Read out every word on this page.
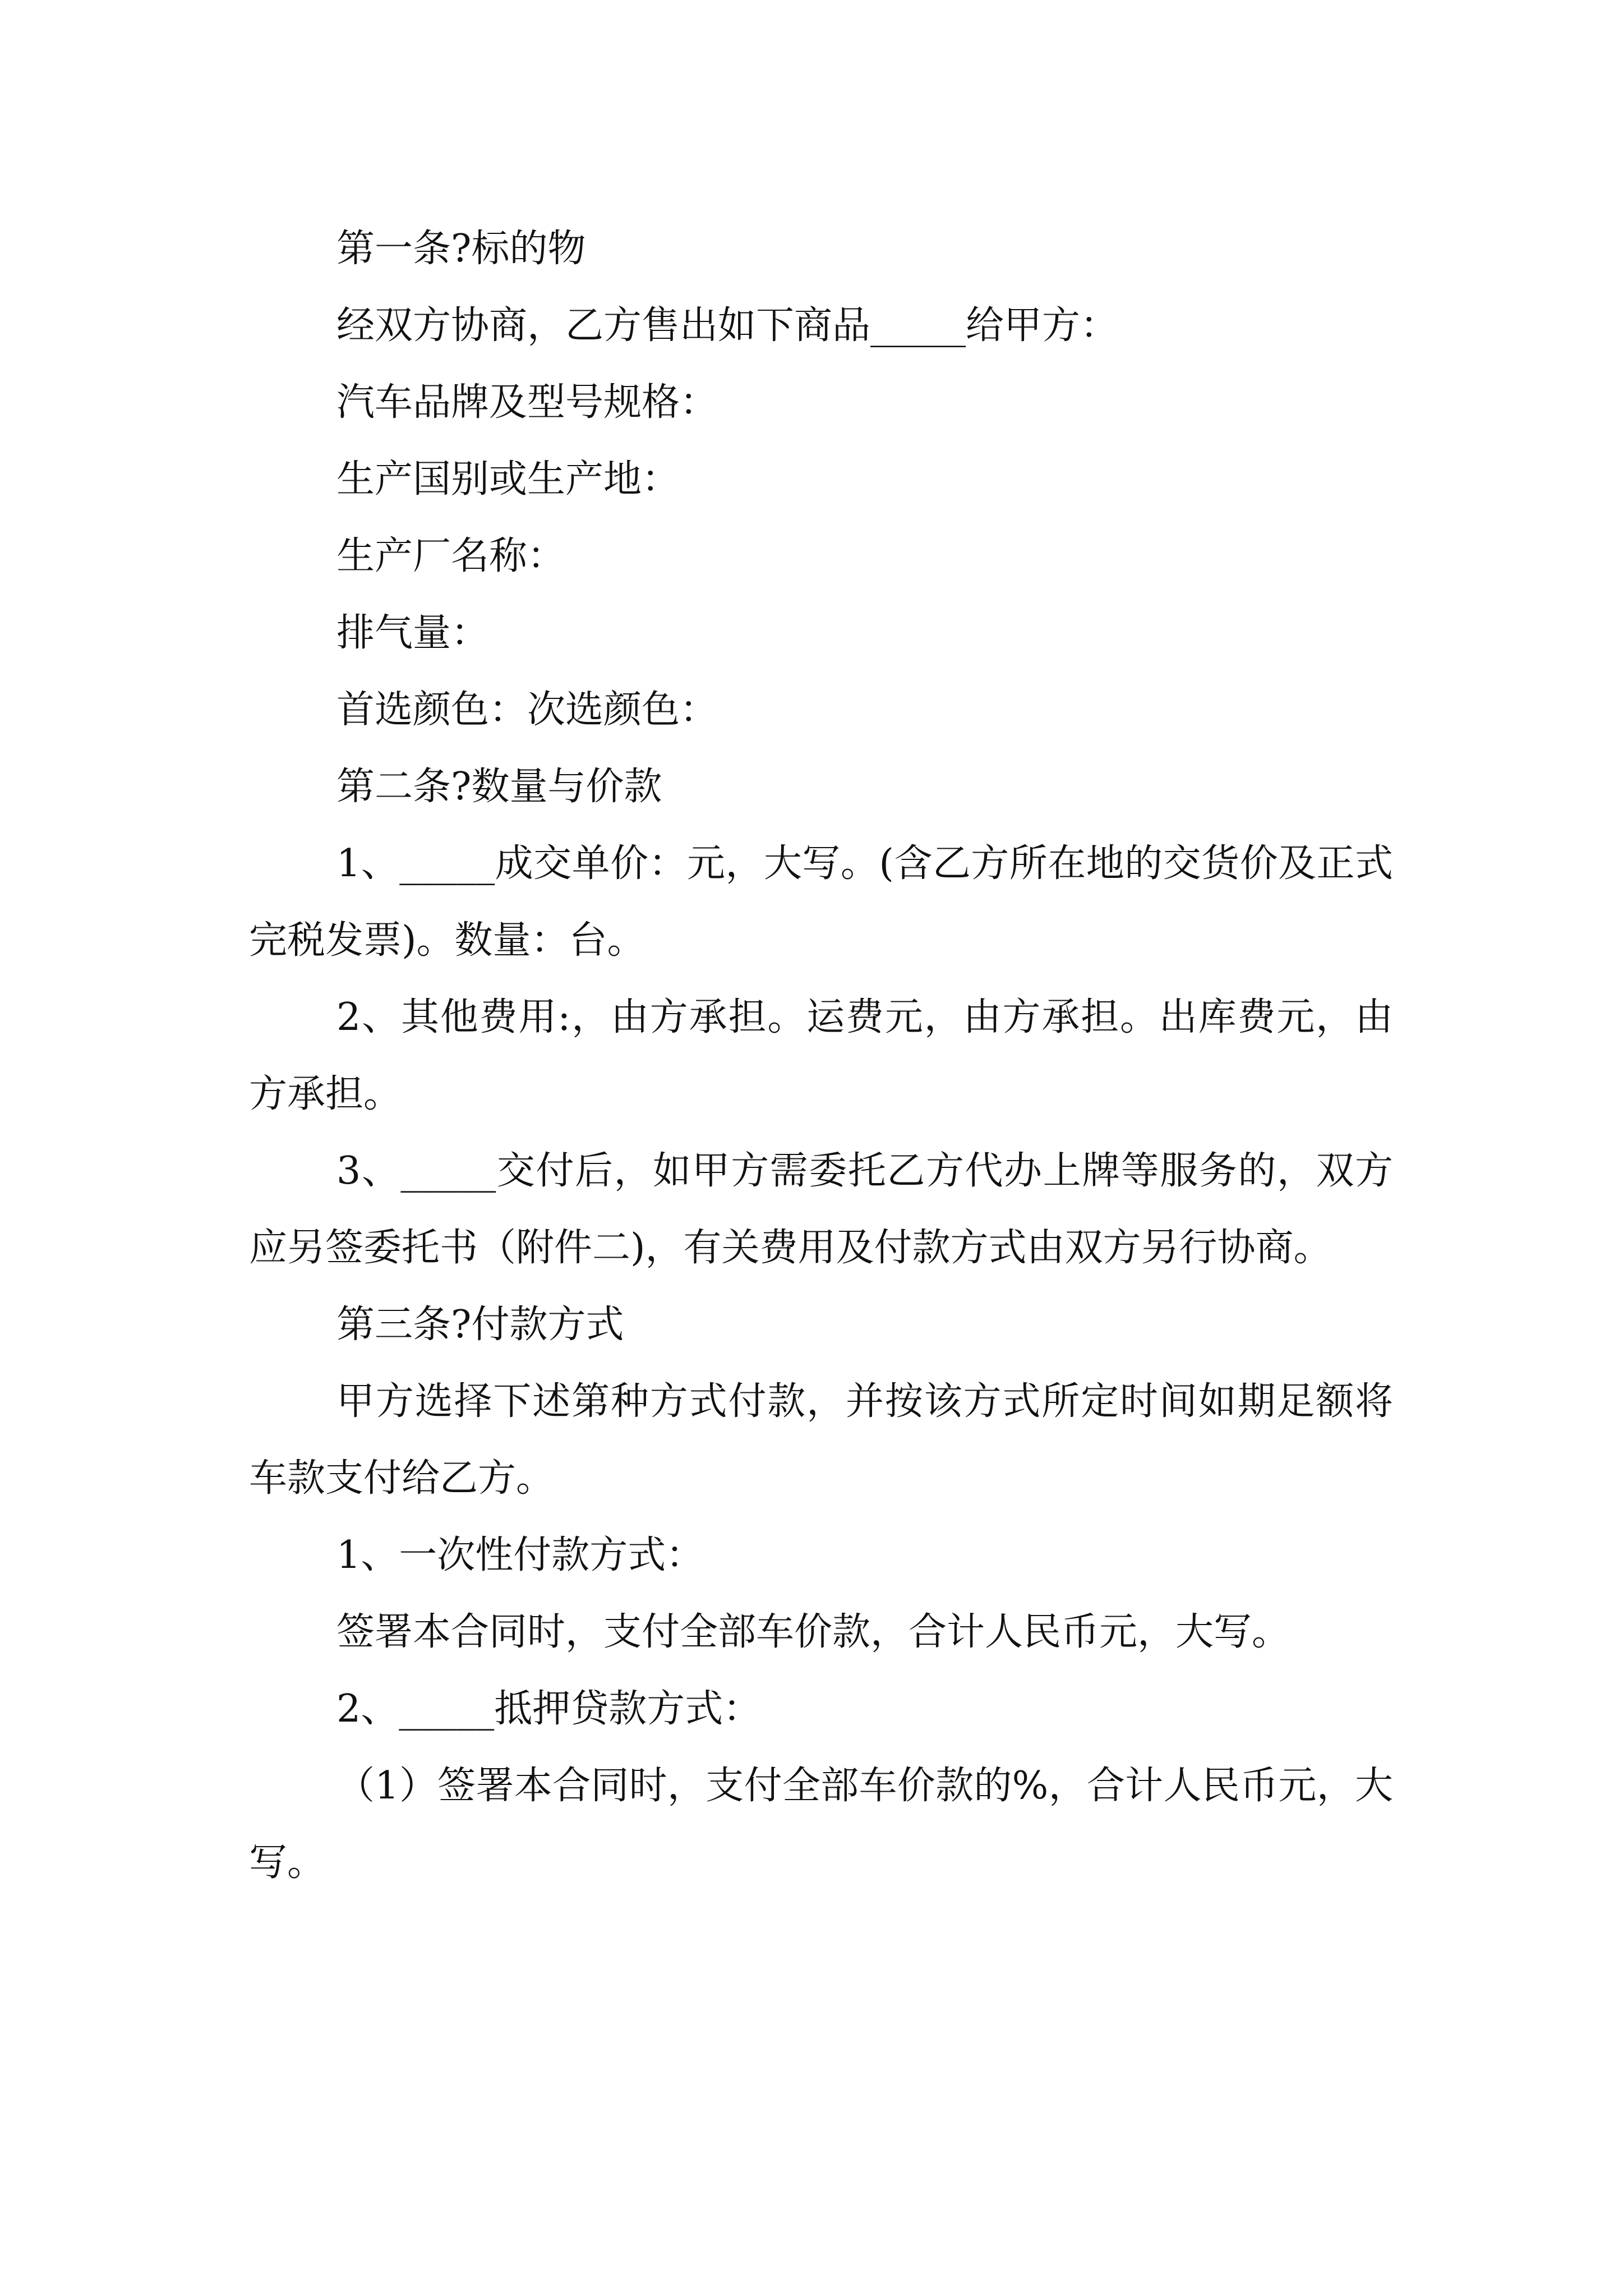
第一条?标的物

经双方协商，乙方售出如下商品_____给甲方：

汽车品牌及型号规格：

生产国别或生产地：

生产厂名称：

排气量：

首选颜色：次选颜色：

第二条?数量与价款

1、_____成交单价：元，大写。(含乙方所在地的交货价及正式完税发票)。数量：台。

2、其他费用:，由方承担。运费元，由方承担。出库费元，由方承担。

3、_____交付后，如甲方需委托乙方代办上牌等服务的，双方应另签委托书（附件二)，有关费用及付款方式由双方另行协商。

第三条?付款方式

甲方选择下述第种方式付款，并按该方式所定时间如期足额将车款支付给乙方。

1、一次性付款方式：

签署本合同时，支付全部车价款，合计人民币元，大写。

2、_____抵押贷款方式：

（1）签署本合同时，支付全部车价款的%，合计人民币元，大写。
